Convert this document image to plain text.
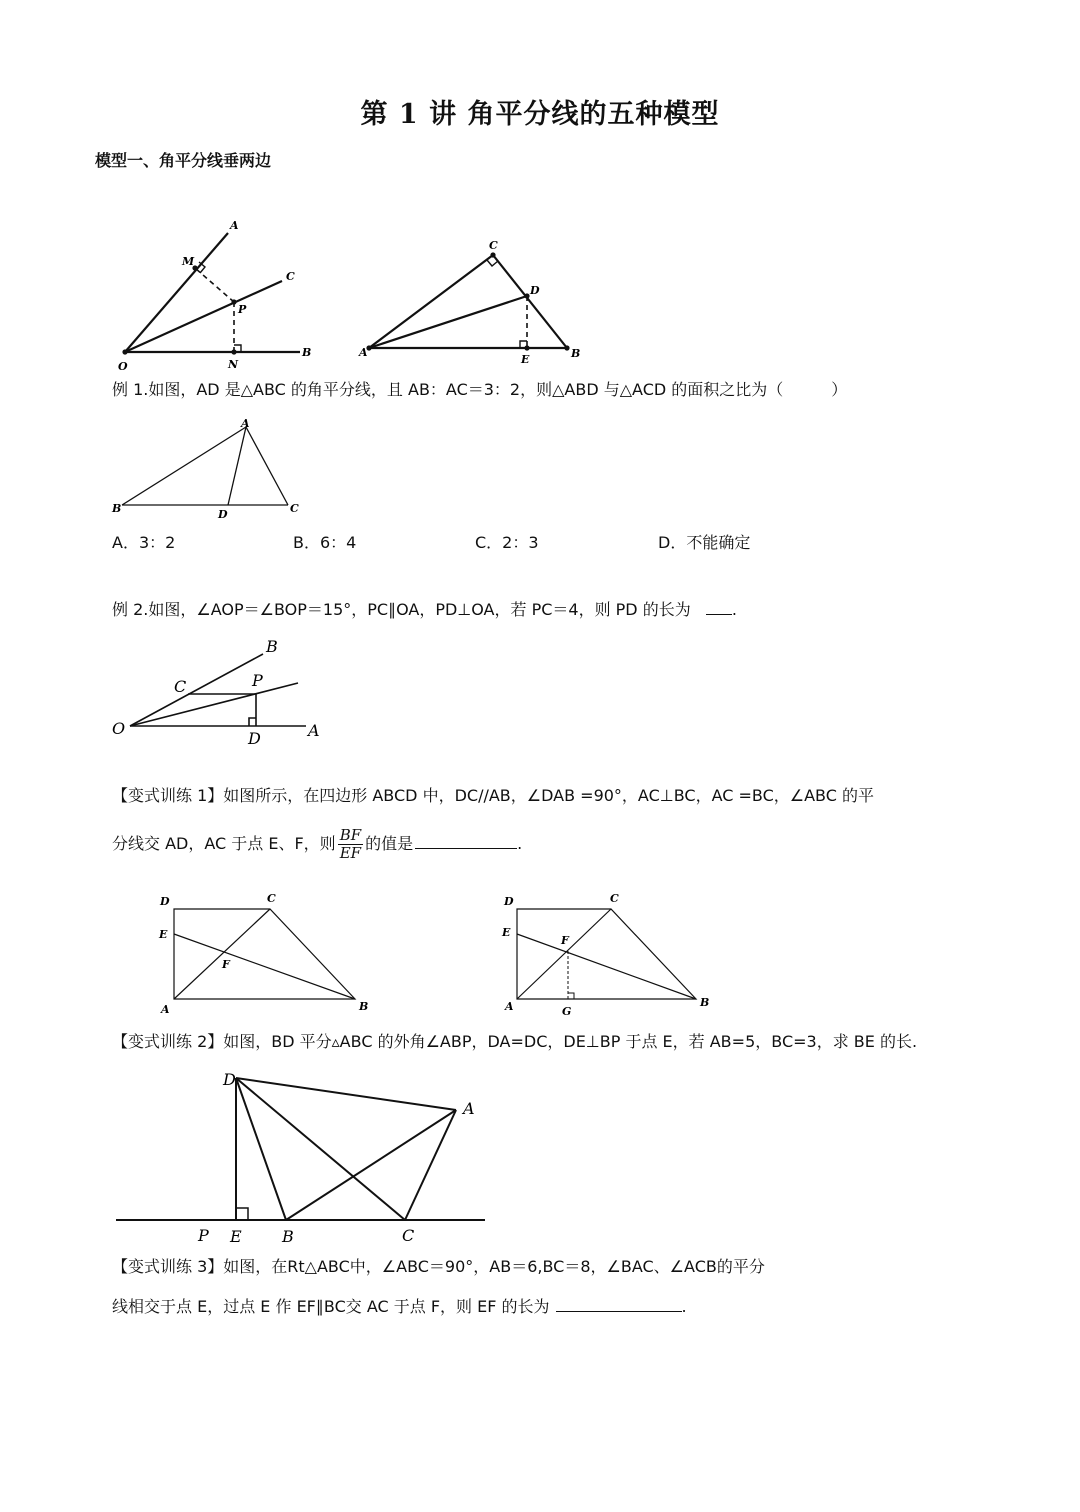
第 1 讲 角平分线的五种模型
模型一、角平分线垂两边
A
M
C
P
O	N
B
C
D
A
E	B
例 1.如图，AD 是△ABC 的角平分线，且 AB：AC＝3：2，则△ABD 与△ACD 的面积之比为（　　　）
A
B	D	C
A．3：2	B．6：4	C．2：3	D．不能确定
例 2.如图，∠AOP＝∠BOP＝15°，PC∥OA，PD⊥OA，若 PC＝4，则 PD 的长为	.
B
C	P
O
D	A
【变式训练 1】如图所示，在四边形 ABCD 中，DC//AB，∠DAB =90°，AC⊥BC，AC =BC，∠ABC 的平
分线交 AD，AC 于点 E、F，则 $\frac{BF}{EF}$ 的值是	.
D	C
E
F
A	B
D	C
E
F
A	G
B
【变式训练 2】如图，BD 平分▵ABC 的外角∠ABP，DA=DC，DE⊥BP 于点 E，若 AB=5，BC=3，求 BE 的长.
D
A
P E	B	C
【变式训练 3】如图，在Rt△ABC中，∠ABC＝90°，AB＝6,BC＝8，∠BAC、∠ACB的平分
线相交于点 E，过点 E 作 EF∥BC交 AC 于点 F，则 EF 的长为	.
